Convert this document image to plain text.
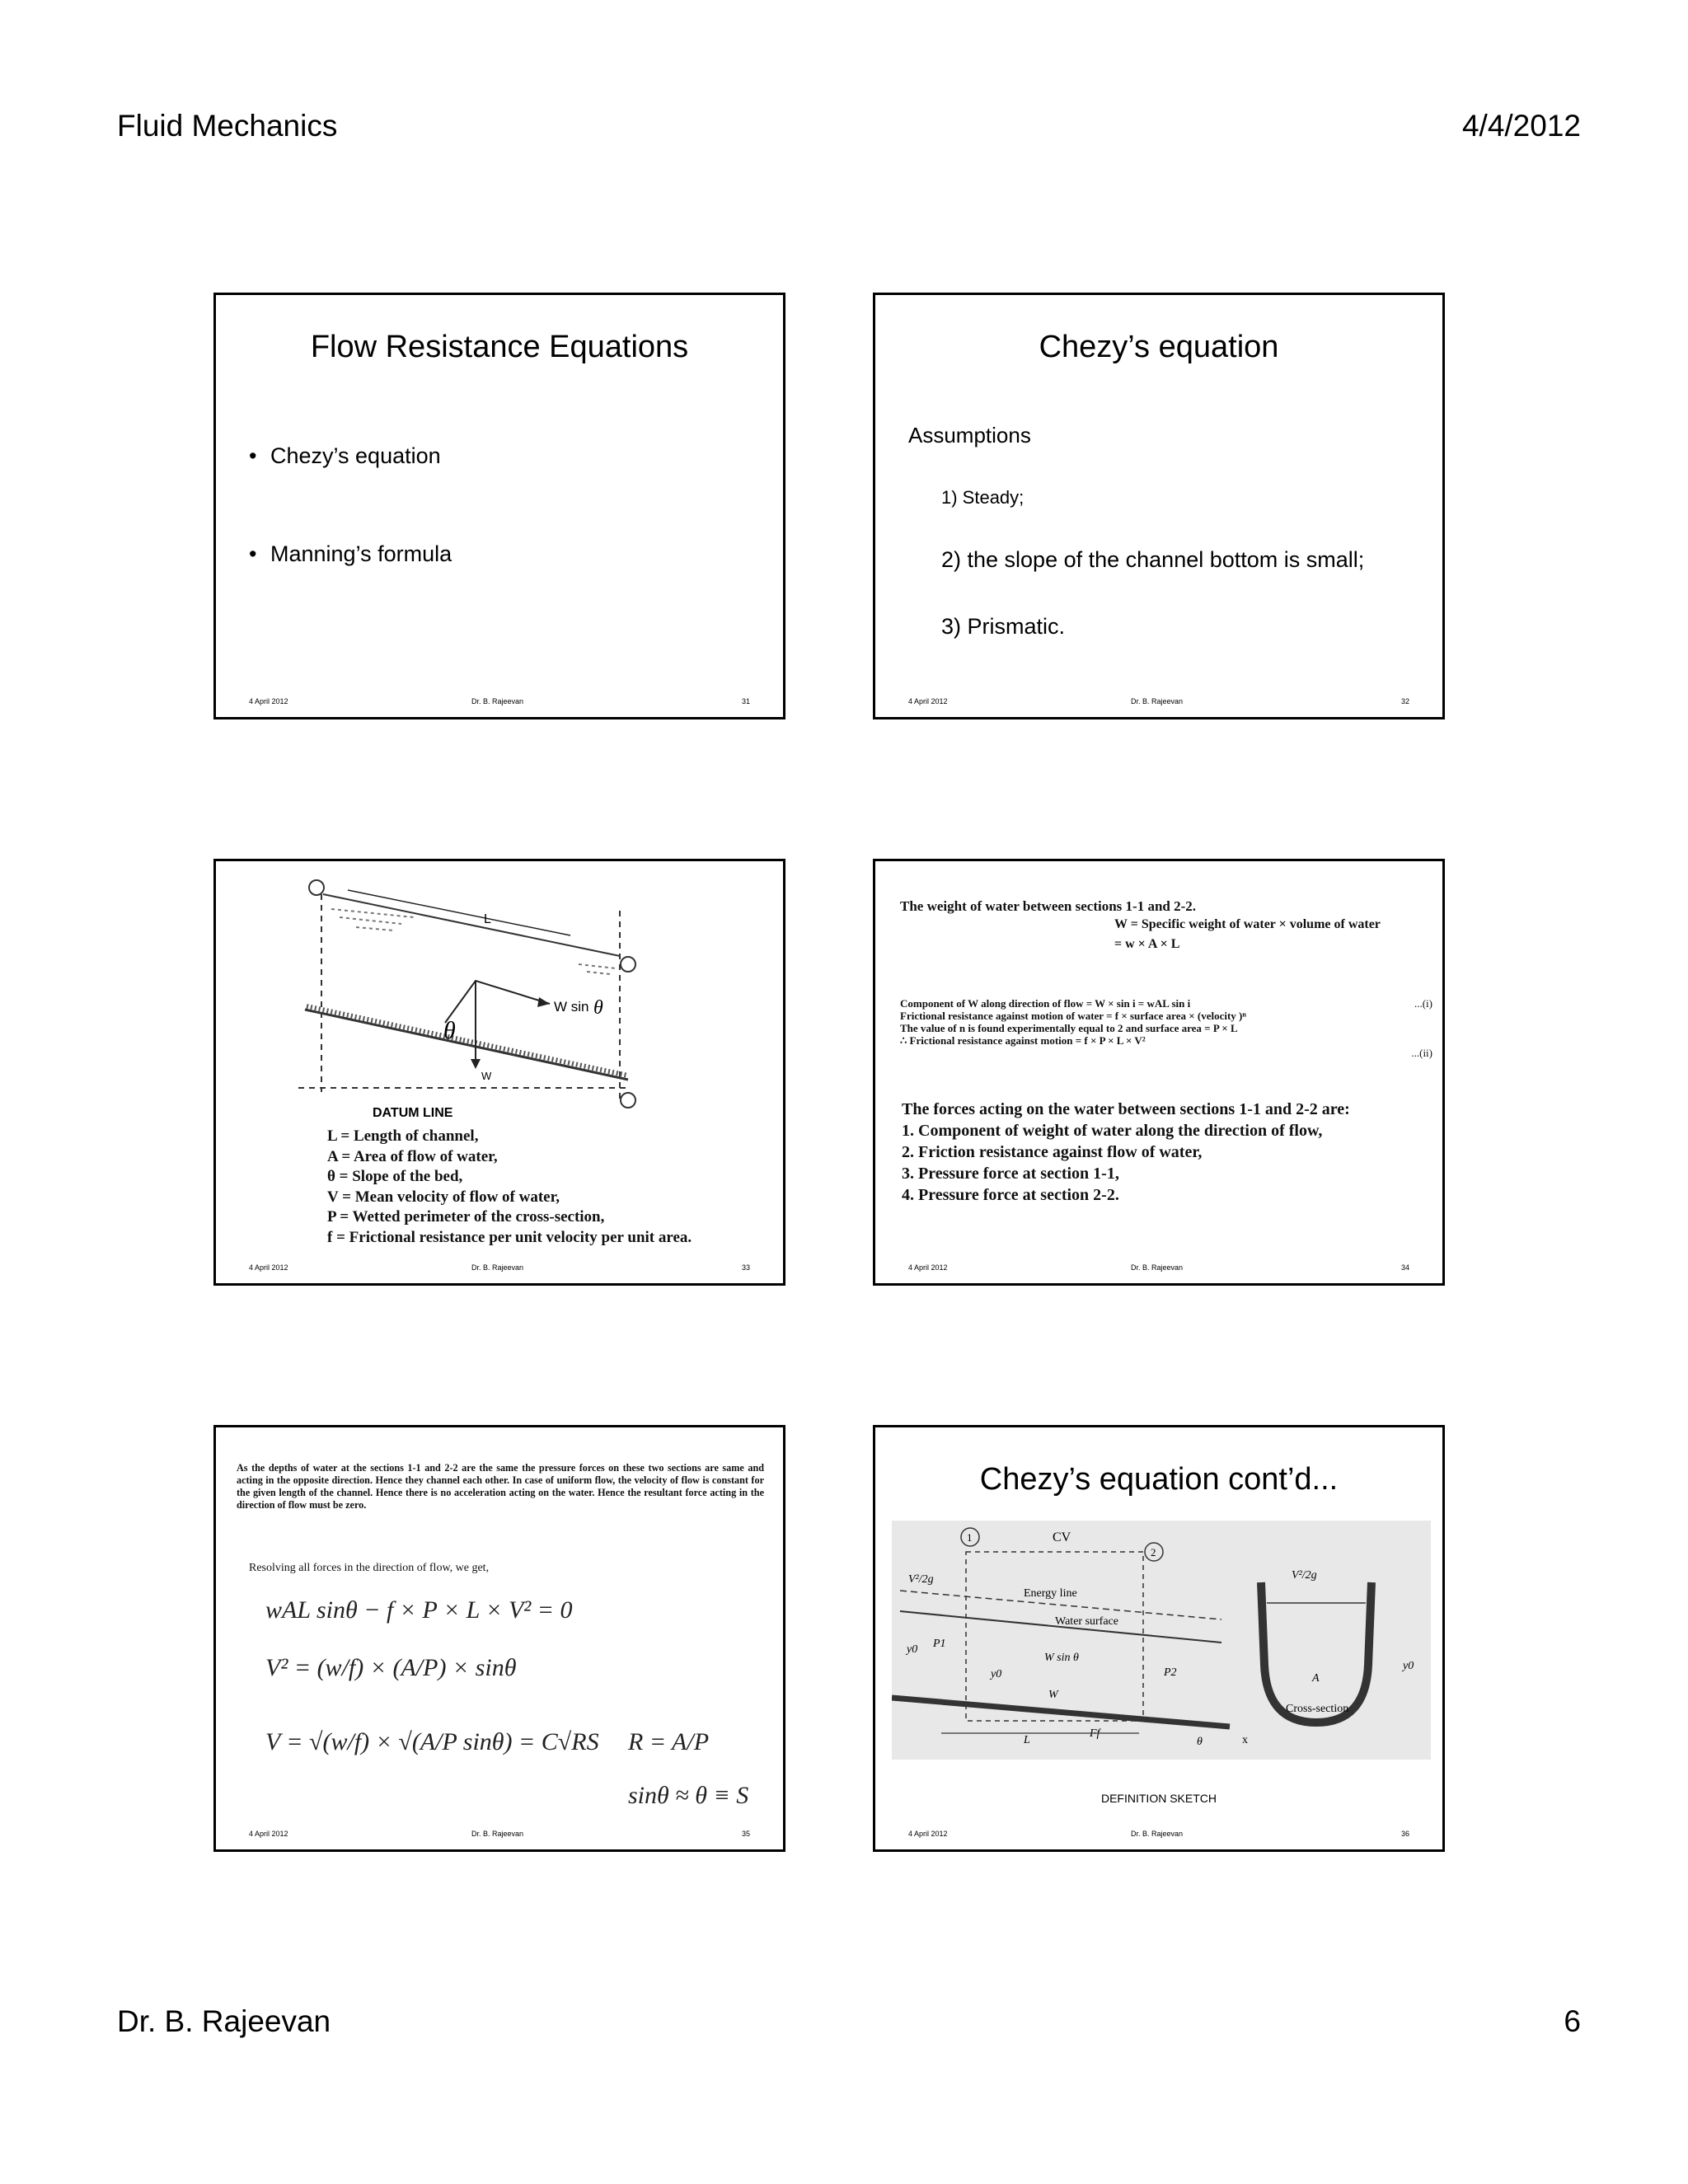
Fluid Mechanics	4/4/2012
Flow Resistance Equations
• Chezy’s equation
• Manning’s formula
4 April 2012	Dr. B. Rajeevan	31
Chezy’s equation
Assumptions
1) Steady;
2) the slope of the channel bottom is small;
3) Prismatic.
4 April 2012	Dr. B. Rajeevan	32
L
W sin θ
θ
W
DATUM LINE
L = Length of channel,
A = Area of flow of water,
θ = Slope of the bed,
V = Mean velocity of flow of water,
P = Wetted perimeter of the cross-section,
f = Frictional resistance per unit velocity per unit area.
4 April 2012	Dr. B. Rajeevan	33
The weight of water between sections 1-1 and 2-2.
W = Specific weight of water × volume of water
= w × A × L
Component of W along direction of flow = W × sin i = wAL sin i
Frictional resistance against motion of water = f × surface area × (velocity )ⁿ
The value of n is found experimentally equal to 2 and surface area = P × L
∴ Frictional resistance against motion = f × P × L × V²
...(i)
...(ii)
The forces acting on the water between sections 1-1 and 2-2 are:
1. Component of weight of water along the direction of flow,
2. Friction resistance against flow of water,
3. Pressure force at section 1-1,
4. Pressure force at section 2-2.
4 April 2012	Dr. B. Rajeevan	34
As the depths of water at the sections 1-1 and 2-2 are the same the pressure forces on these two sections are same and acting in the opposite direction. Hence they channel each other. In case of uniform flow, the velocity of flow is constant for the given length of the channel. Hence there is no acceleration acting on the water. Hence the resultant force acting in the direction of flow must be zero.
Resolving all forces in the direction of flow, we get,
wAL sinθ − f × P × L × V² = 0
V² = (w/f) × (A/P) × sinθ
V = √(w/f) × √(A/P sinθ) = C√RS R = A/P
sinθ ≈ θ ≡ S
4 April 2012	Dr. B. Rajeevan	35
Chezy’s equation cont’d...
1
2
CV
Energy line
Water surface
V²/2g
W sin θ
W
P1
P2
y0
y0
L
Ff
θ
V²/2g
A
Cross-section
y0
x
DEFINITION SKETCH
4 April 2012	Dr. B. Rajeevan	36
Dr. B. Rajeevan	6
